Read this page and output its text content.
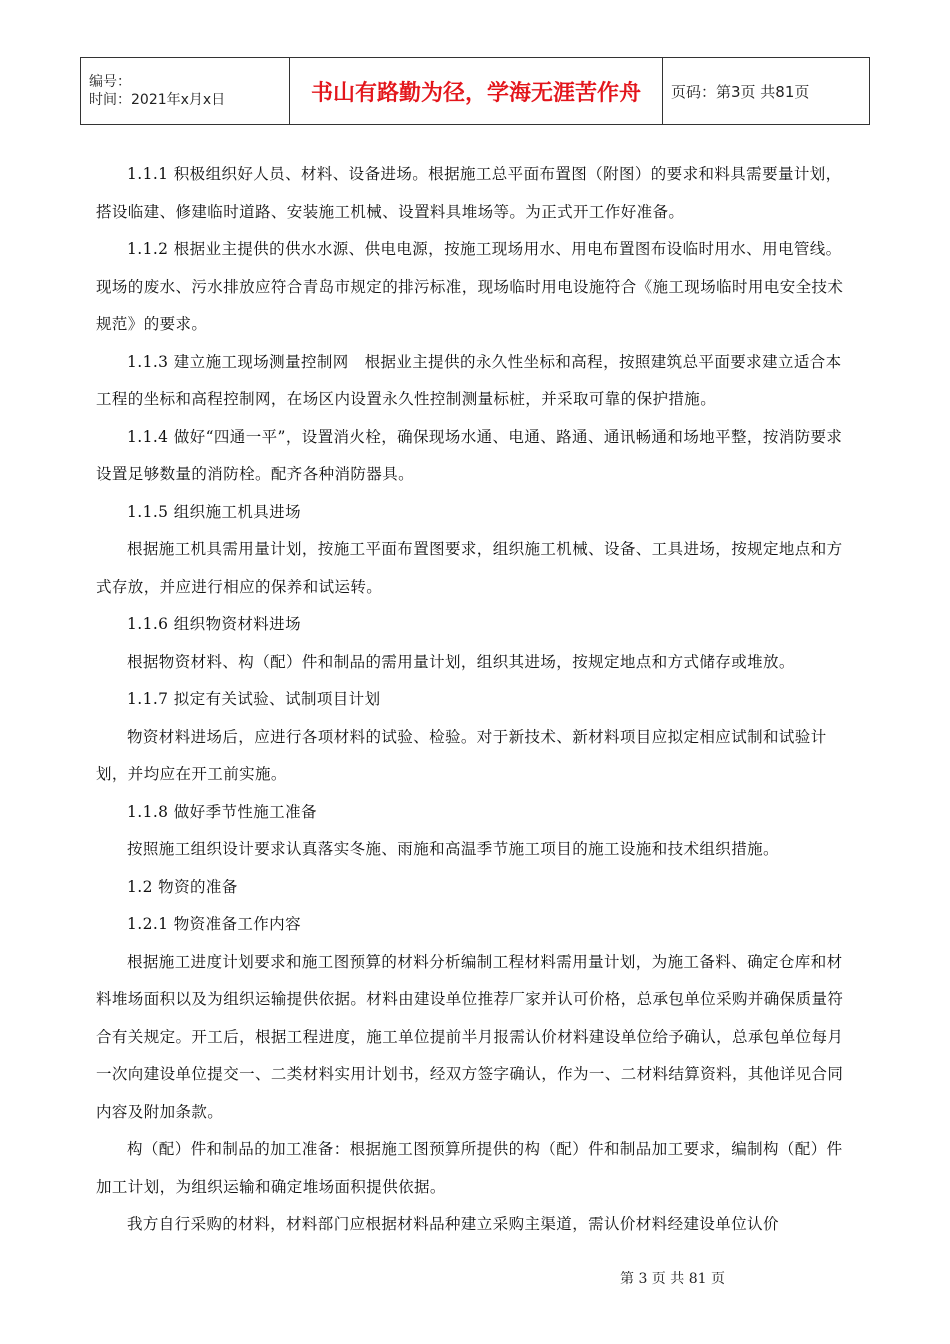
编号：
时间：2021年x月x日	书山有路勤为径，学海无涯苦作舟	页码：第3页 共81页

1.1.1 积极组织好人员、材料、设备进场。根据施工总平面布置图（附图）的要求和料具需要量计划，搭设临建、修建临时道路、安装施工机械、设置料具堆场等。为正式开工作好准备。

1.1.2 根据业主提供的供水水源、供电电源，按施工现场用水、用电布置图布设临时用水、用电管线。现场的废水、污水排放应符合青岛市规定的排污标准，现场临时用电设施符合《施工现场临时用电安全技术规范》的要求。

1.1.3 建立施工现场测量控制网　根据业主提供的永久性坐标和高程，按照建筑总平面要求建立适合本工程的坐标和高程控制网，在场区内设置永久性控制测量标桩，并采取可靠的保护措施。

1.1.4 做好“四通一平”，设置消火栓，确保现场水通、电通、路通、通讯畅通和场地平整，按消防要求设置足够数量的消防栓。配齐各种消防器具。

1.1.5 组织施工机具进场

根据施工机具需用量计划，按施工平面布置图要求，组织施工机械、设备、工具进场，按规定地点和方式存放，并应进行相应的保养和试运转。

1.1.6 组织物资材料进场

根据物资材料、构（配）件和制品的需用量计划，组织其进场，按规定地点和方式储存或堆放。

1.1.7 拟定有关试验、试制项目计划

物资材料进场后，应进行各项材料的试验、检验。对于新技术、新材料项目应拟定相应试制和试验计划，并均应在开工前实施。

1.1.8 做好季节性施工准备

按照施工组织设计要求认真落实冬施、雨施和高温季节施工项目的施工设施和技术组织措施。

1.2 物资的准备

1.2.1 物资准备工作内容

根据施工进度计划要求和施工图预算的材料分析编制工程材料需用量计划，为施工备料、确定仓库和材料堆场面积以及为组织运输提供依据。材料由建设单位推荐厂家并认可价格，总承包单位采购并确保质量符合有关规定。开工后，根据工程进度，施工单位提前半月报需认价材料建设单位给予确认，总承包单位每月一次向建设单位提交一、二类材料实用计划书，经双方签字确认，作为一、二材料结算资料，其他详见合同内容及附加条款。

构（配）件和制品的加工准备：根据施工图预算所提供的构（配）件和制品加工要求，编制构（配）件加工计划，为组织运输和确定堆场面积提供依据。

我方自行采购的材料，材料部门应根据材料品种建立采购主渠道，需认价材料经建设单位认价

第 3 页 共 81 页
